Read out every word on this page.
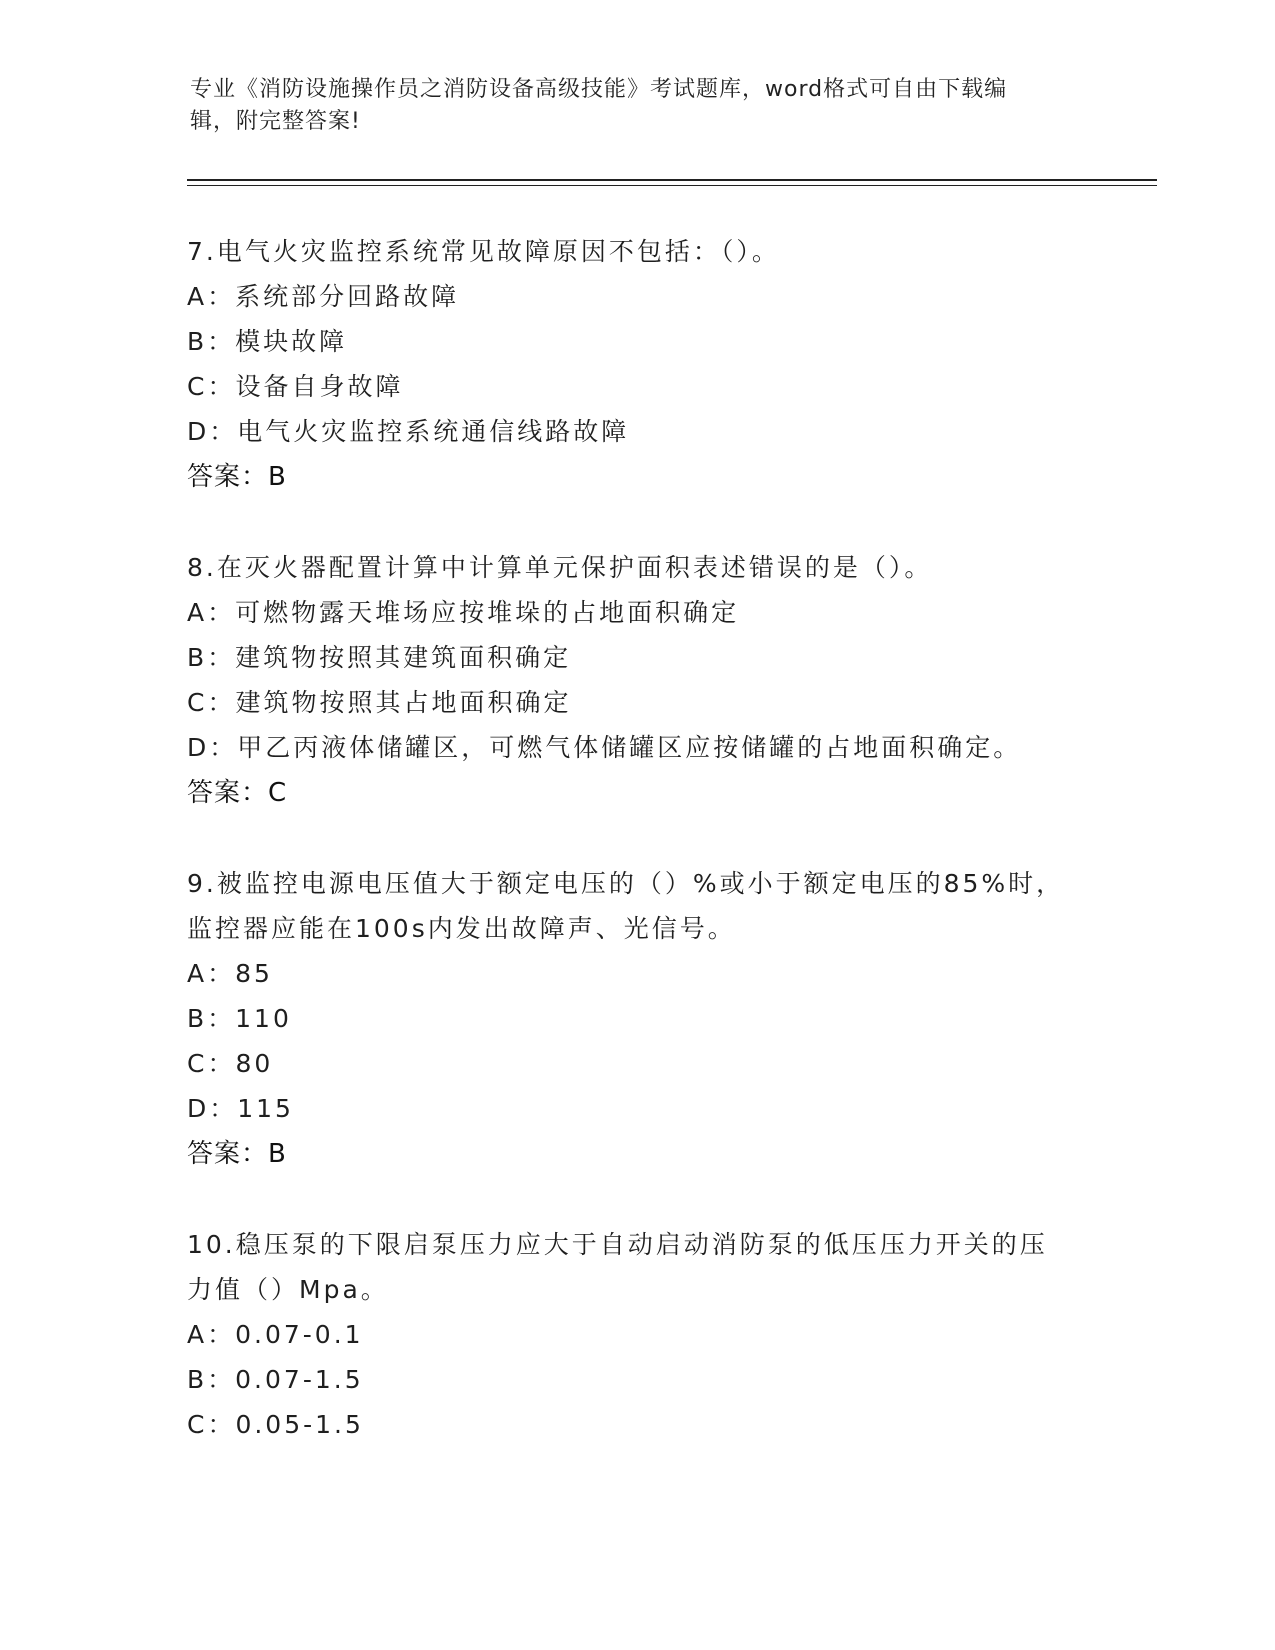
专业《消防设施操作员之消防设备高级技能》考试题库，word格式可自由下载编
辑，附完整答案!
7.电气火灾监控系统常见故障原因不包括：（）。
A：系统部分回路故障
B：模块故障
C：设备自身故障
D：电气火灾监控系统通信线路故障
答案：B
8.在灭火器配置计算中计算单元保护面积表述错误的是（）。
A：可燃物露天堆场应按堆垛的占地面积确定
B：建筑物按照其建筑面积确定
C：建筑物按照其占地面积确定
D：甲乙丙液体储罐区，可燃气体储罐区应按储罐的占地面积确定。
答案：C
9.被监控电源电压值大于额定电压的（）%或小于额定电压的85%时，
监控器应能在100s内发出故障声、光信号。
A：85
B：110
C：80
D：115
答案：B
10.稳压泵的下限启泵压力应大于自动启动消防泵的低压压力开关的压
力值（）Mpa。
A：0.07-0.1
B：0.07-1.5
C：0.05-1.5
